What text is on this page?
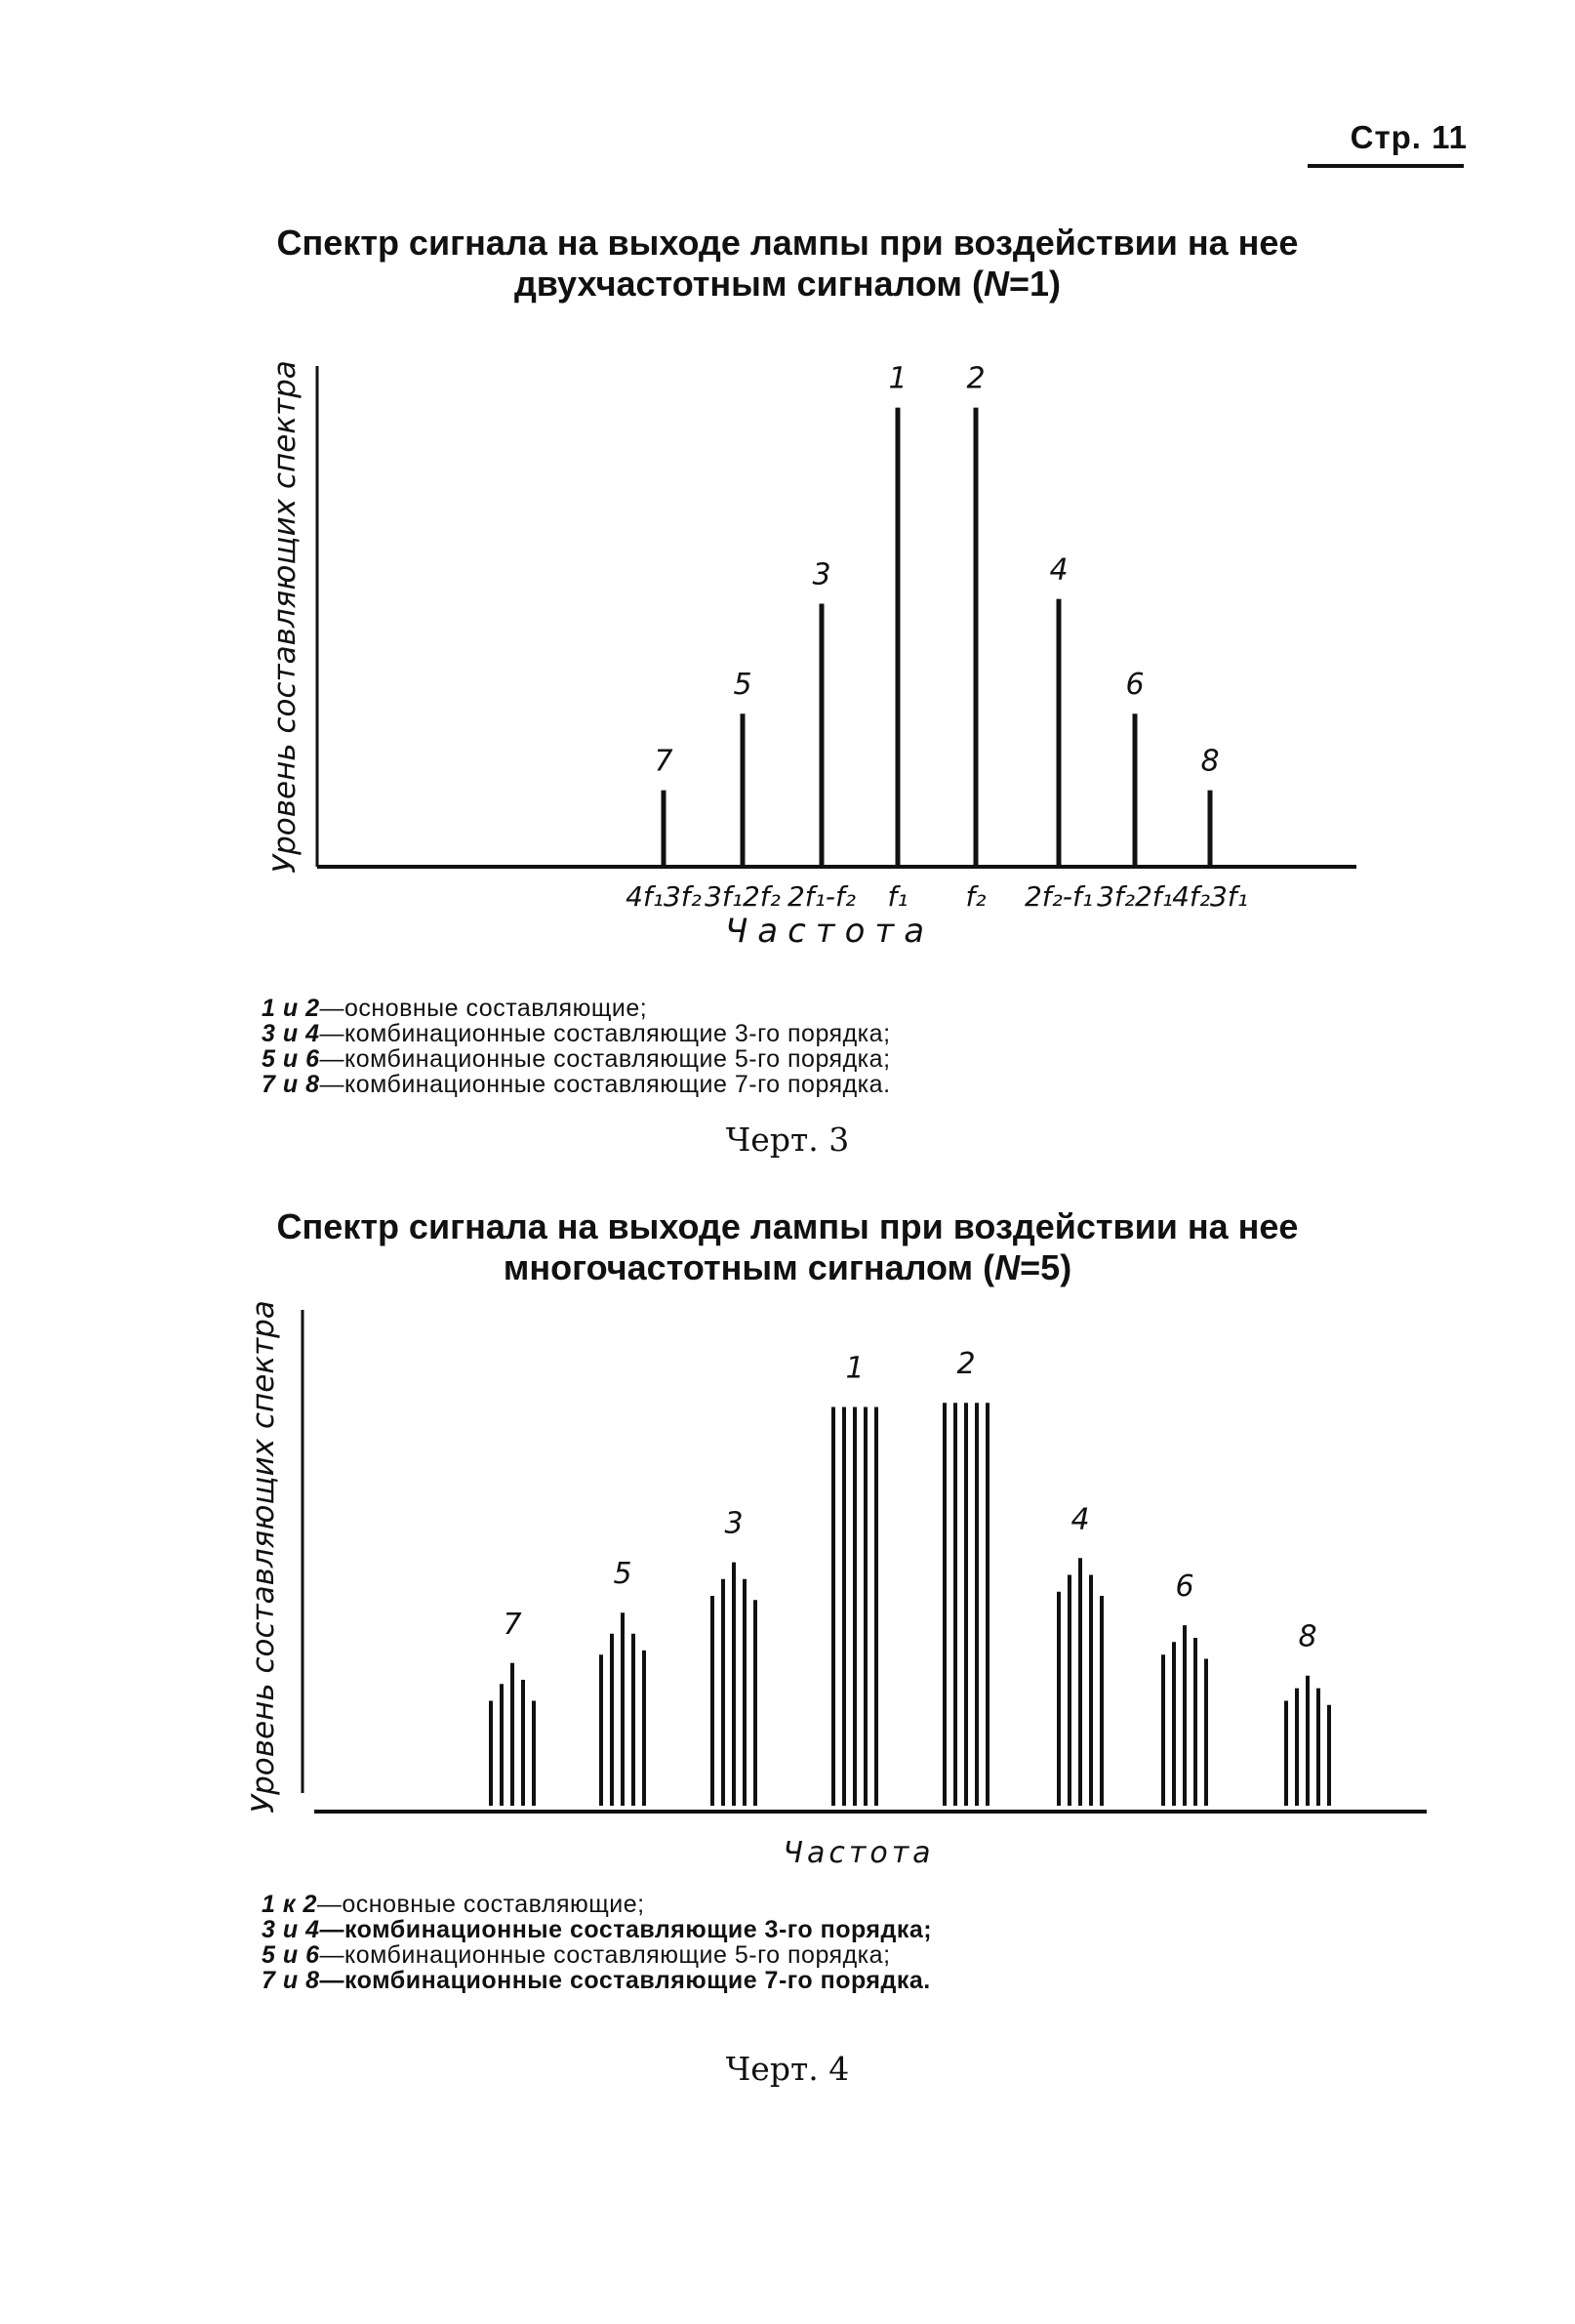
Стр. 11
Спектр сигнала на выходе лампы при воздействии на нее
двухчастотным сигналом (N=1)
Уровень составляющих спектра
Частота
7
4f₁3f₂
5
3f₁2f₂
3
2f₁-f₂
1
f₁
2
f₂
4
2f₂-f₁
6
3f₂2f₁
8
4f₂3f₁
1 и 2—основные составляющие;
3 и 4—комбинационные составляющие 3-го порядка;
5 и 6—комбинационные составляющие 5-го порядка;
7 и 8—комбинационные составляющие 7-го порядка.
Черт. 3
Спектр сигнала на выходе лампы при воздействии на нее
многочастотным сигналом (N=5)
Уровень составляющих спектра
Частота
7
5
3
1	2
4
6
8
1 к 2—основные составляющие;
3 и 4—комбинационные составляющие 3-го порядка;
5 и 6—комбинационные составляющие 5-го порядка;
7 и 8—комбинационные составляющие 7-го порядка.
Черт. 4
